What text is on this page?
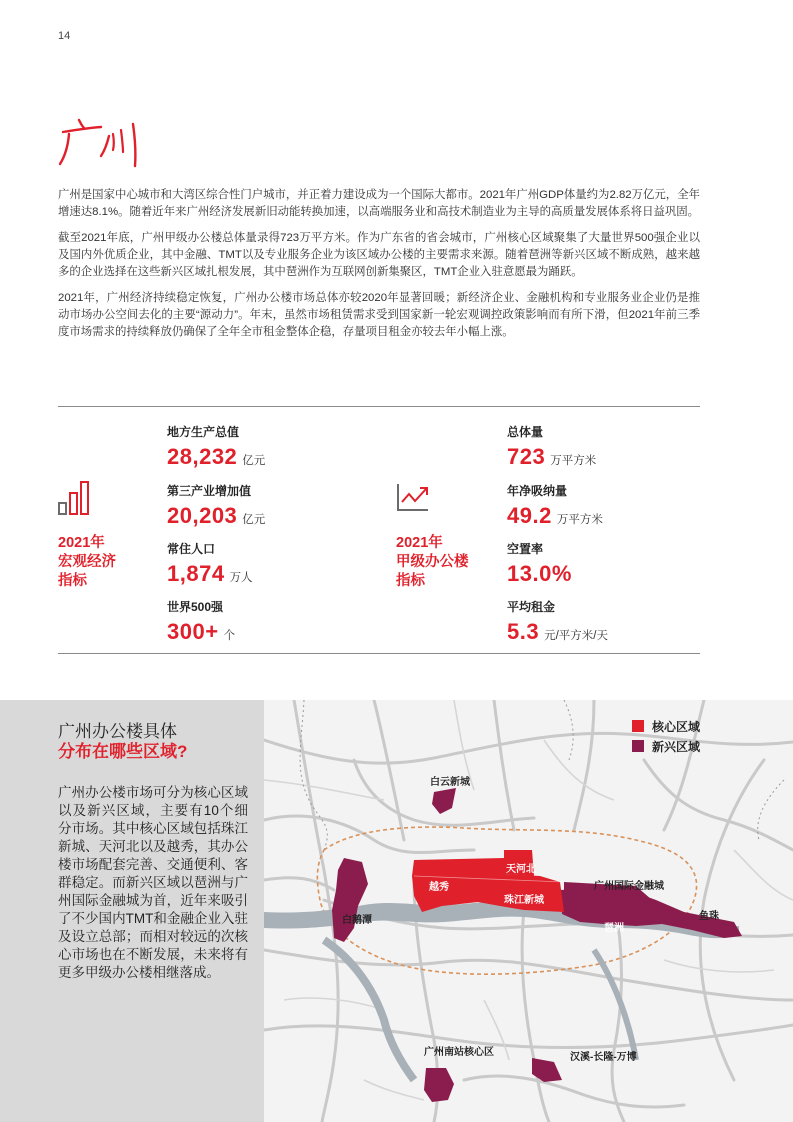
14

广州是国家中心城市和大湾区综合性门户城市，并正着力建设成为一个国际大都市。2021年广州GDP体量约为2.82万亿元，全年增速达8.1%。随着近年来广州经济发展新旧动能转换加速，以高端服务业和高技术制造业为主导的高质量发展体系将日益巩固。

截至2021年底，广州甲级办公楼总体量录得723万平方米。作为广东省的省会城市，广州核心区域聚集了大量世界500强企业以及国内外优质企业，其中金融、TMT以及专业服务企业为该区域办公楼的主要需求来源。随着琶洲等新兴区域不断成熟，越来越多的企业选择在这些新兴区域扎根发展，其中琶洲作为互联网创新集聚区，TMT企业入驻意愿最为踊跃。

2021年，广州经济持续稳定恢复，广州办公楼市场总体亦较2020年显著回暖；新经济企业、金融机构和专业服务业企业仍是推动市场办公空间去化的主要“源动力”。年末，虽然市场租赁需求受到国家新一轮宏观调控政策影响而有所下滑，但2021年前三季度市场需求的持续释放仍确保了全年全市租金整体企稳，存量项目租金亦较去年小幅上涨。

2021年
宏观经济
指标
地方生产总值
28,232 亿元
第三产业增加值
20,203 亿元
常住人口
1,874 万人
世界500强
300+ 个
2021年
甲级办公楼
指标
总体量
723 万平方米
年净吸纳量
49.2 万平方米
空置率
13.0%
平均租金
5.3 元/平方米/天
广州办公楼具体
分布在哪些区域?
广州办公楼市场可分为核心区域以及新兴区域，主要有10个细分市场。其中核心区域包括珠江新城、天河北以及越秀，其办公楼市场配套完善、交通便利、客群稳定。而新兴区域以琶洲与广州国际金融城为首，近年来吸引了不少国内TMT和金融企业入驻及设立总部；而相对较远的次核心市场也在不断发展，未来将有更多甲级办公楼相继落成。
白云新城
天河北
越秀
珠江新城
广州国际金融城
白鹅潭
琶洲
鱼珠
广州南站核心区	汉溪-长隆-万博
核心区域
新兴区域
